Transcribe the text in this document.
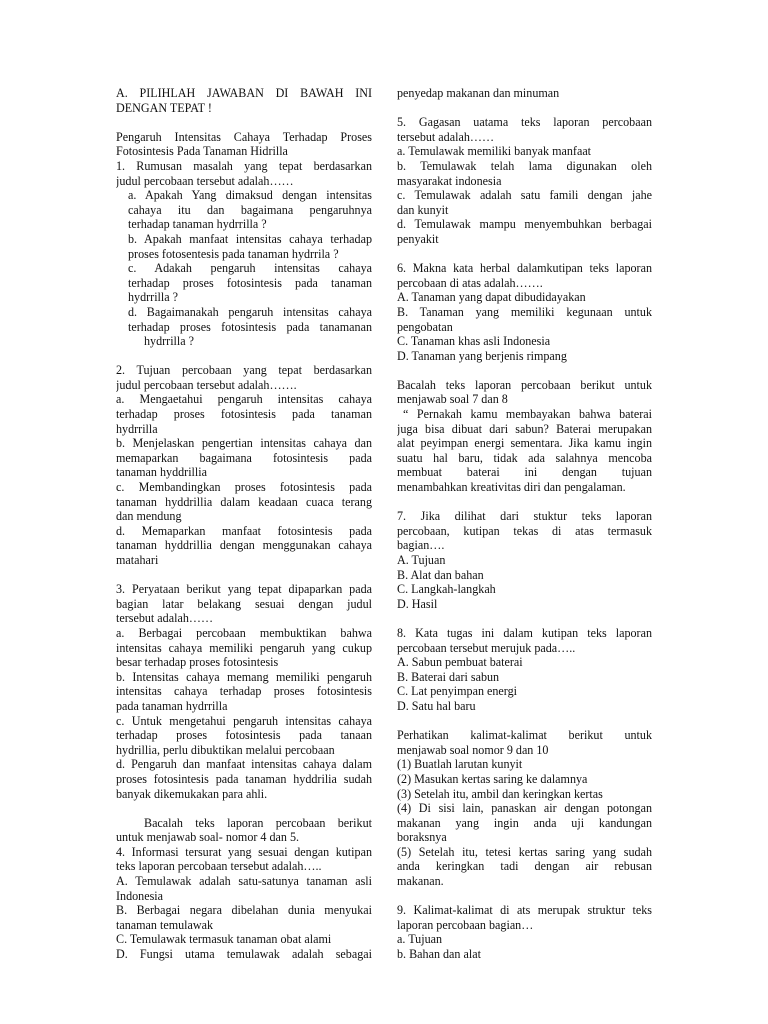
A. PILIHLAH JAWABAN DI BAWAH INI
DENGAN TEPAT !
Pengaruh Intensitas Cahaya Terhadap Proses
Fotosintesis Pada Tanaman Hidrilla
1. Rumusan masalah yang tepat berdasarkan
judul percobaan tersebut adalah……
a. Apakah Yang dimaksud dengan intensitas
cahaya itu dan bagaimana pengaruhnya
terhadap tanaman hydrrilla ?
b. Apakah manfaat intensitas cahaya terhadap
proses fotosentesis pada tanaman hydrrila ?
c. Adakah pengaruh intensitas cahaya
terhadap proses fotosintesis pada tanaman
hydrrilla ?
d. Bagaimanakah pengaruh intensitas cahaya
terhadap proses fotosintesis pada tanamanan
hydrrilla ?
2. Tujuan percobaan yang tepat berdasarkan
judul percobaan tersebut adalah…….
a. Mengaetahui pengaruh intensitas cahaya
terhadap proses fotosintesis pada tanaman
hydrrilla
b. Menjelaskan pengertian intensitas cahaya dan
memaparkan bagaimana fotosintesis pada
tanaman hyddrillia
c. Membandingkan proses fotosintesis pada
tanaman hyddrillia dalam keadaan cuaca terang
dan mendung
d. Memaparkan manfaat fotosintesis pada
tanaman hyddrillia dengan menggunakan cahaya
matahari
3. Peryataan berikut yang tepat dipaparkan pada
bagian latar belakang sesuai dengan judul
tersebut adalah……
a. Berbagai percobaan membuktikan bahwa
intensitas cahaya memiliki pengaruh yang cukup
besar terhadap proses fotosintesis
b. Intensitas cahaya memang memiliki pengaruh
intensitas cahaya terhadap proses fotosintesis
pada tanaman hydrrilla
c. Untuk mengetahui pengaruh intensitas cahaya
terhadap proses fotosintesis pada tanaan
hydrillia, perlu dibuktikan melalui percobaan
d. Pengaruh dan manfaat intensitas cahaya dalam
proses fotosintesis pada tanaman hyddrilia sudah
banyak dikemukakan para ahli.
Bacalah teks laporan percobaan berikut
untuk menjawab soal- nomor 4 dan 5.
4. Informasi tersurat yang sesuai dengan kutipan
teks laporan percobaan tersebut adalah…..
A. Temulawak adalah satu-satunya tanaman asli
Indonesia
B. Berbagai negara dibelahan dunia menyukai
tanaman temulawak
C. Temulawak termasuk tanaman obat alami
D. Fungsi utama temulawak adalah sebagai
penyedap makanan dan minuman
5. Gagasan uatama teks laporan percobaan
tersebut adalah……
a. Temulawak memiliki banyak manfaat
b. Temulawak telah lama digunakan oleh
masyarakat indonesia
c. Temulawak adalah satu famili dengan jahe
dan kunyit
d. Temulawak mampu menyembuhkan berbagai
penyakit
6. Makna kata herbal dalamkutipan teks laporan
percobaan di atas adalah…….
A. Tanaman yang dapat dibudidayakan
B. Tanaman yang memiliki kegunaan untuk
pengobatan
C. Tanaman khas asli Indonesia
D. Tanaman yang berjenis rimpang
Bacalah teks laporan percobaan berikut untuk
menjawab soal 7 dan 8
“ Pernakah kamu membayakan bahwa baterai
juga bisa dibuat dari sabun? Baterai merupakan
alat peyimpan energi sementara. Jika kamu ingin
suatu hal baru, tidak ada salahnya mencoba
membuat baterai ini dengan tujuan
menambahkan kreativitas diri dan pengalaman.
7. Jika dilihat dari stuktur teks laporan
percobaan, kutipan tekas di atas termasuk
bagian….
A. Tujuan
B. Alat dan bahan
C. Langkah-langkah
D. Hasil
8. Kata tugas ini dalam kutipan teks laporan
percobaan tersebut merujuk pada…..
A. Sabun pembuat baterai
B. Baterai dari sabun
C. Lat penyimpan energi
D. Satu hal baru
Perhatikan kalimat-kalimat berikut untuk
menjawab soal nomor 9 dan 10
(1) Buatlah larutan kunyit
(2) Masukan kertas saring ke dalamnya
(3) Setelah itu, ambil dan keringkan kertas
(4) Di sisi lain, panaskan air dengan potongan
makanan yang ingin anda uji kandungan
boraksnya
(5) Setelah itu, tetesi kertas saring yang sudah
anda keringkan tadi dengan air rebusan
makanan.
9. Kalimat-kalimat di ats merupak struktur teks
laporan percobaan bagian…
a. Tujuan
b. Bahan dan alat
